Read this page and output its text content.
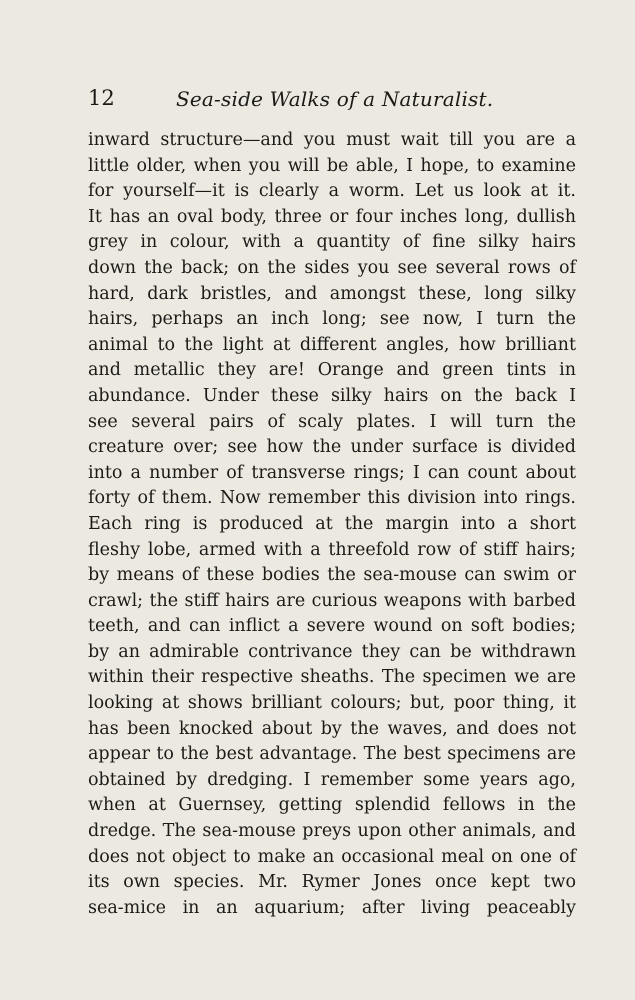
12	Sea-side Walks of a Naturalist.
inward structure—and you must wait till you are a
little older, when you will be able, I hope, to examine
for yourself—it is clearly a worm. Let us look at it.
It has an oval body, three or four inches long, dullish
grey in colour, with a quantity of fine silky hairs
down the back; on the sides you see several rows of
hard, dark bristles, and amongst these, long silky
hairs, perhaps an inch long; see now, I turn the
animal to the light at different angles, how brilliant
and metallic they are! Orange and green tints in
abundance. Under these silky hairs on the back I
see several pairs of scaly plates. I will turn the
creature over; see how the under surface is divided
into a number of transverse rings; I can count about
forty of them. Now remember this division into rings.
Each ring is produced at the margin into a short
fleshy lobe, armed with a threefold row of stiff hairs;
by means of these bodies the sea-mouse can swim or
crawl; the stiff hairs are curious weapons with barbed
teeth, and can inflict a severe wound on soft bodies;
by an admirable contrivance they can be withdrawn
within their respective sheaths. The specimen we are
looking at shows brilliant colours; but, poor thing, it
has been knocked about by the waves, and does not
appear to the best advantage. The best specimens are
obtained by dredging. I remember some years ago,
when at Guernsey, getting splendid fellows in the
dredge. The sea-mouse preys upon other animals, and
does not object to make an occasional meal on one of
its own species. Mr. Rymer Jones once kept two
sea-mice in an aquarium; after living peaceably
